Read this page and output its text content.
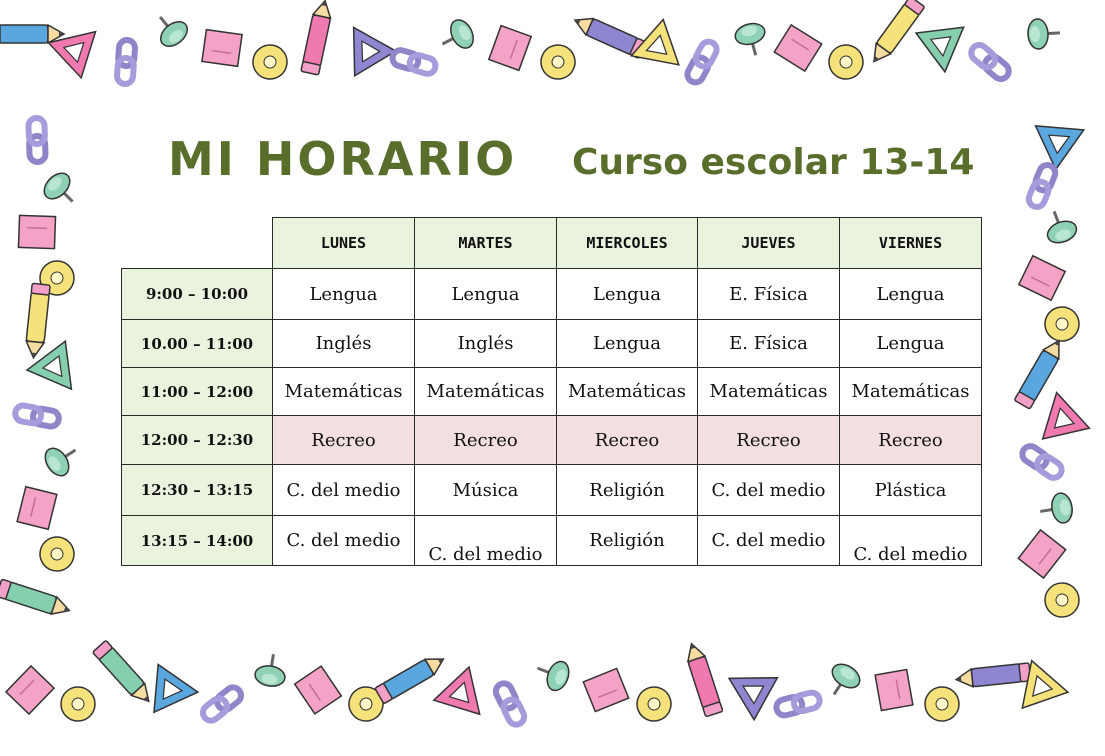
MI HORARIO Curso escolar 13-14
	LUNES	MARTES	MIERCOLES	JUEVES	VIERNES
9:00 – 10:00	Lengua	Lengua	Lengua	E. Física	Lengua
10.00 – 11:00	Inglés	Inglés	Lengua	E. Física	Lengua
11:00 – 12:00	Matemáticas	Matemáticas	Matemáticas	Matemáticas	Matemáticas
12:00 – 12:30	Recreo	Recreo	Recreo	Recreo	Recreo
12:30 – 13:15	C. del medio	Música	Religión	C. del medio	Plástica
13:15 – 14:00	C. del medio	C. del medio	Religión	C. del medio	C. del medio
